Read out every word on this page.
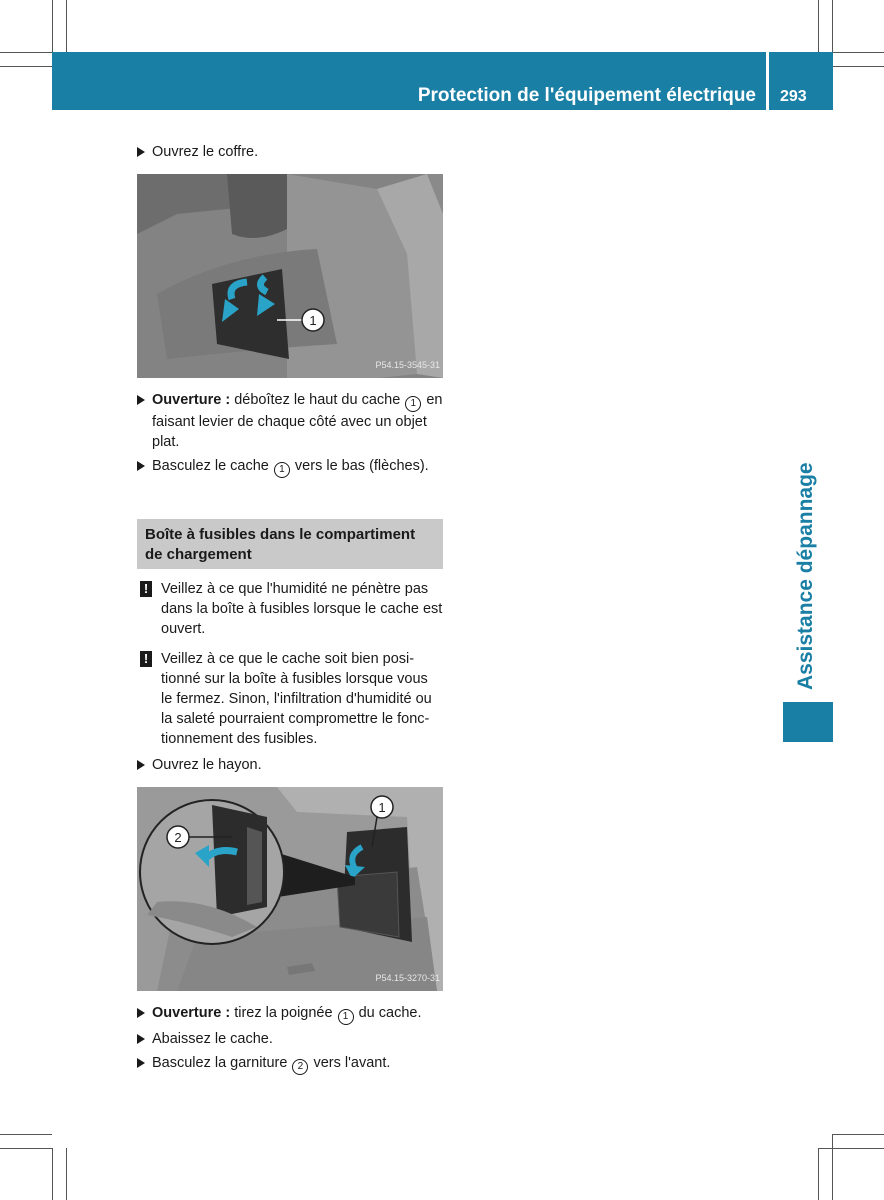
Protection de l'équipement électrique 293
Assistance dépannage

Ouvrez le coffre.

1
P54.15-3545-31

Ouverture : déboîtez le haut du cache 1 en faisant levier de chaque côté avec un objet plat.

Basculez le cache 1 vers le bas (flèches).

Boîte à fusibles dans le compartiment de chargement
! Veillez à ce que l'humidité ne pénètre pas dans la boîte à fusibles lorsque le cache est ouvert.

! Veillez à ce que le cache soit bien posi-tionné sur la boîte à fusibles lorsque vous le fermez. Sinon, l'infiltration d'humidité ou la saleté pourraient compromettre le fonc-tionnement des fusibles.

Ouvrez le hayon.

1
2
P54.15-3270-31

Ouverture : tirez la poignée 1 du cache.

Abaissez le cache.

Basculez la garniture 2 vers l'avant.
